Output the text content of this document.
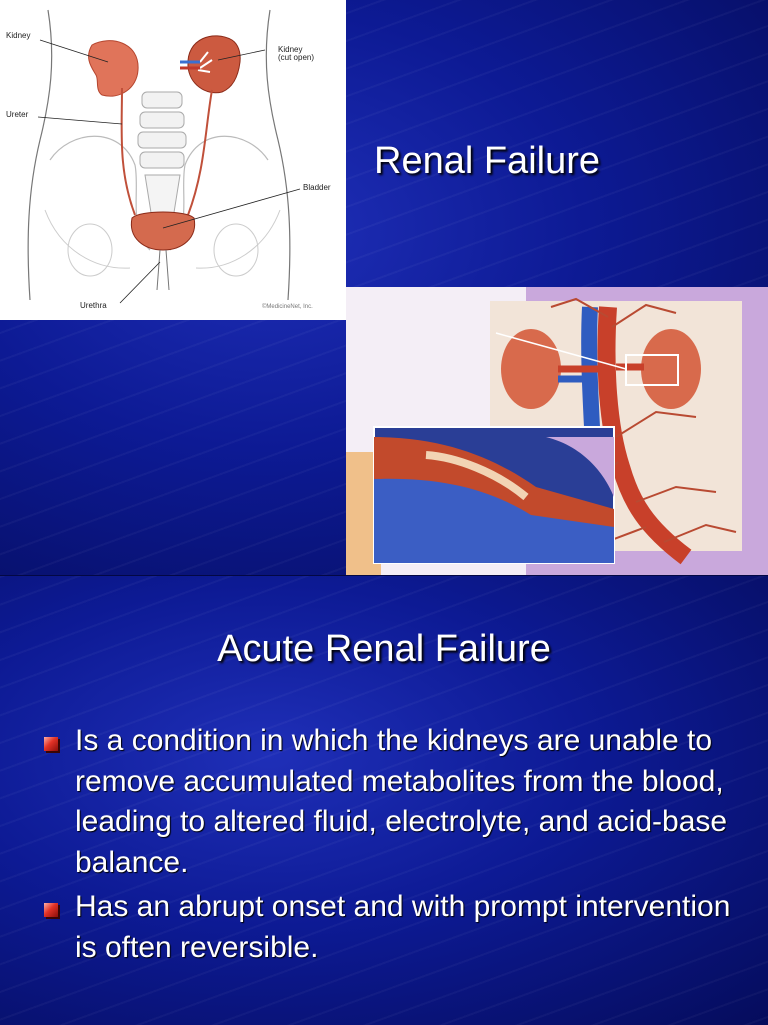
Kidney
Kidney
(cut open)
Ureter
Bladder
Urethra	©MedicineNet, Inc.
Renal Failure
Acute Renal Failure
Is a condition in which the kidneys are unable to remove accumulated metabolites from the blood, leading to altered fluid, electrolyte, and acid-base balance.
Has an abrupt onset and with prompt intervention is often reversible.
